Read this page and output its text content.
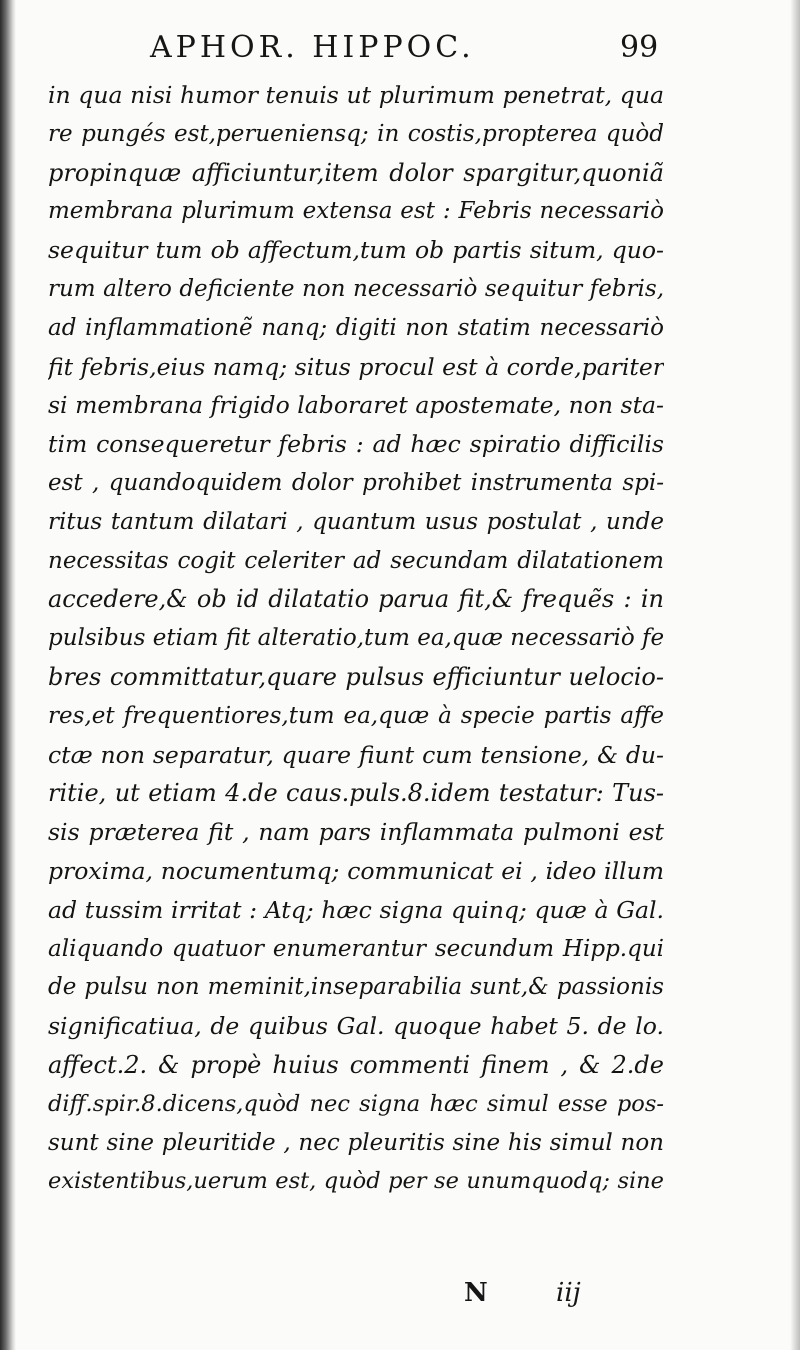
APHOR. HIPPOC.	99
in qua nisi humor tenuis ut plurimum penetrat, qua
re pungés est,perueniensq; in costis,propterea quòd
propinquæ afficiuntur,item dolor spargitur,quoniã
membrana plurimum extensa est : Febris necessariò
sequitur tum ob affectum,tum ob partis situm, quo-
rum altero deficiente non necessariò sequitur febris,
ad inflammationẽ nanq; digiti non statim necessariò
fit febris,eius namq; situs procul est à corde,pariter
si membrana frigido laboraret apostemate, non sta-
tim consequeretur febris : ad hæc spiratio difficilis
est , quandoquidem dolor prohibet instrumenta spi-
ritus tantum dilatari , quantum usus postulat , unde
necessitas cogit celeriter ad secundam dilatationem
accedere,& ob id dilatatio parua fit,& frequẽs : in
pulsibus etiam fit alteratio,tum ea,quæ necessariò fe
bres committatur,quare pulsus efficiuntur uelocio-
res,et frequentiores,tum ea,quæ à specie partis affe
ctæ non separatur, quare fiunt cum tensione, & du-
ritie, ut etiam 4.de caus.puls.8.idem testatur: Tus-
sis præterea fit , nam pars inflammata pulmoni est
proxima, nocumentumq; communicat ei , ideo illum
ad tussim irritat : Atq; hæc signa quinq; quæ à Gal.
aliquando quatuor enumerantur secundum Hipp.qui
de pulsu non meminit,inseparabilia sunt,& passionis
significatiua, de quibus Gal. quoque habet 5. de lo.
affect.2. & propè huius commenti finem , & 2.de
diff.spir.8.dicens,quòd nec signa hæc simul esse pos-
sunt sine pleuritide , nec pleuritis sine his simul non
existentibus,uerum est, quòd per se unumquodq; sine
N	iij
